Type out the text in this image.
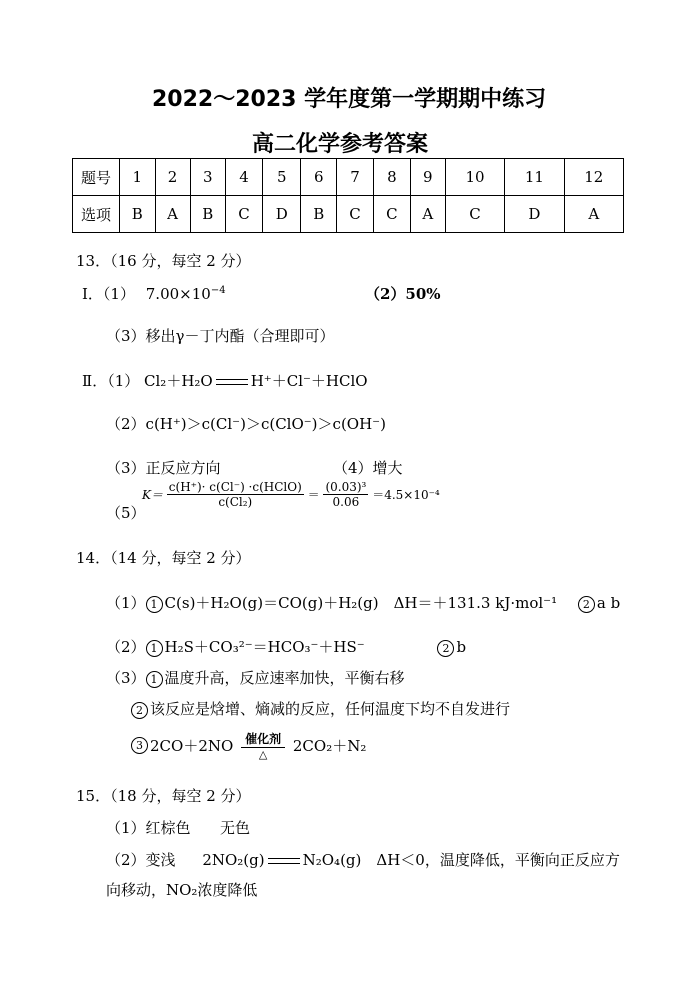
2022～2023 学年度第一学期期中练习
高二化学参考答案
题号	1	2	3	4	5	6	7	8	9	10	11	12
选项	B	A	B	C	D	B	C	C	A	C	D	A
13．（16 分，每空 2 分）
Ⅰ．（1） $7.00\times 10^{-4}$	（2）50%
（3）移出γ－丁内酯（合理即可）
Ⅱ．（1） Cl₂＋H₂O	H⁺＋Cl⁻＋HClO
（2）c(H⁺)＞c(Cl⁻)＞c(ClO⁻)＞c(OH⁻)
（3）正反应方向	（4）增大
（5）
$K= \frac{\text{c(H⁺)· c(Cl⁻) ·c(HClO)}}{\text{c(Cl₂)}} = \frac{\text{(0.03)³}}{0.06} =4.5\times 10^{-4}$
14．（14 分，每空 2 分）
（1） 1 C(s)＋H₂O(g)＝CO(g)＋H₂(g)　ΔH＝＋131.3 kJ·mol⁻¹ 2 a b
（2） 1 H₂S＋CO₃²⁻＝HCO₃⁻＋HS⁻	2 b
（3） 1 温度升高，反应速率加快，平衡右移
2 该反应是焓增、熵减的反应，任何温度下均不自发进行
3 2CO＋2NO 催化剂
△	2CO₂＋N₂
15．（18 分，每空 2 分）
（1）红棕色 无色
（2）变浅 2NO₂(g)	N₂O₄(g)　ΔH＜0，温度降低，平衡向正反应方
向移动，NO₂浓度降低
